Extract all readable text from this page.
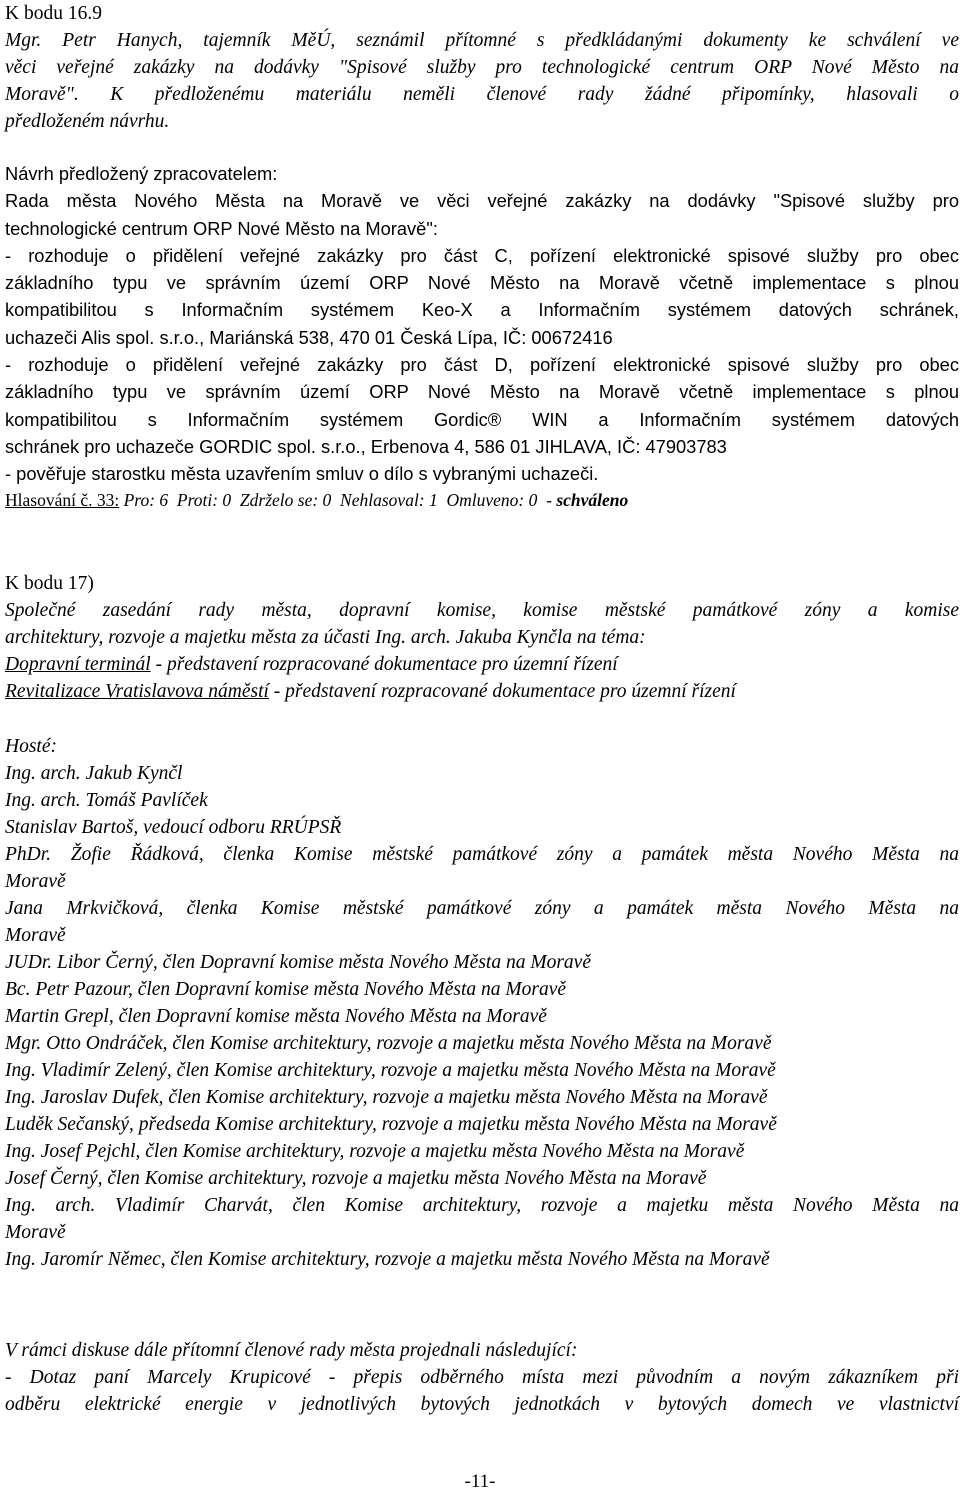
K bodu 16.9

Mgr. Petr Hanych, tajemník MěÚ, seznámil přítomné s předkládanými dokumenty ke schválení ve

věci veřejné zakázky na dodávky "Spisové služby pro technologické centrum ORP Nové Město na

Moravě". K předloženému materiálu neměli členové rady žádné připomínky, hlasovali o

předloženém návrhu.

Návrh předložený zpracovatelem:

Rada města Nového Města na Moravě ve věci veřejné zakázky na dodávky "Spisové služby pro

technologické centrum ORP Nové Město na Moravě":

- rozhoduje o přidělení veřejné zakázky pro část C, pořízení elektronické spisové služby pro obec

základního typu ve správním území ORP Nové Město na Moravě včetně implementace s plnou

kompatibilitou s Informačním systémem Keo-X a Informačním systémem datových schránek,

uchazeči Alis spol. s.r.o., Mariánská 538, 470 01 Česká Lípa, IČ: 00672416

- rozhoduje o přidělení veřejné zakázky pro část D, pořízení elektronické spisové služby pro obec

základního typu ve správním území ORP Nové Město na Moravě včetně implementace s plnou

kompatibilitou s Informačním systémem Gordic® WIN a Informačním systémem datových

schránek pro uchazeče GORDIC spol. s.r.o., Erbenova 4, 586 01 JIHLAVA, IČ: 47903783

- pověřuje starostku města uzavřením smluv o dílo s vybranými uchazeči.

Hlasování č. 33: Pro: 6  Proti: 0  Zdrželo se: 0  Nehlasoval: 1  Omluveno: 0  - schváleno

K bodu 17)

Společné zasedání rady města, dopravní komise, komise městské památkové zóny a komise

architektury, rozvoje a majetku města za účasti Ing. arch. Jakuba Kynčla na téma:

Dopravní terminál - představení rozpracované dokumentace pro územní řízení

Revitalizace Vratislavova náměstí - představení rozpracované dokumentace pro územní řízení

Hosté:

Ing. arch. Jakub Kynčl

Ing. arch. Tomáš Pavlíček

Stanislav Bartoš, vedoucí odboru RRÚPSŘ

PhDr. Žofie Řádková, členka Komise městské památkové zóny a památek města Nového Města na

Moravě

Jana Mrkvičková, členka Komise městské památkové zóny a památek města Nového Města na

Moravě

JUDr. Libor Černý, člen Dopravní komise města Nového Města na Moravě

Bc. Petr Pazour, člen Dopravní komise města Nového Města na Moravě

Martin Grepl, člen Dopravní komise města Nového Města na Moravě

Mgr. Otto Ondráček, člen Komise architektury, rozvoje a majetku města Nového Města na Moravě

Ing. Vladimír Zelený, člen Komise architektury, rozvoje a majetku města Nového Města na Moravě

Ing. Jaroslav Dufek, člen Komise architektury, rozvoje a majetku města Nového Města na Moravě

Luděk Sečanský, předseda Komise architektury, rozvoje a majetku města Nového Města na Moravě

Ing. Josef Pejchl, člen Komise architektury, rozvoje a majetku města Nového Města na Moravě

Josef Černý, člen Komise architektury, rozvoje a majetku města Nového Města na Moravě

Ing. arch. Vladimír Charvát, člen Komise architektury, rozvoje a majetku města Nového Města na

Moravě

Ing. Jaromír Němec, člen Komise architektury, rozvoje a majetku města Nového Města na Moravě

V rámci diskuse dále přítomní členové rady města projednali následující:

- Dotaz paní Marcely Krupicové - přepis odběrného místa mezi původním a novým zákazníkem při

odběru elektrické energie v jednotlivých bytových jednotkách v bytových domech ve vlastnictví

-11-
